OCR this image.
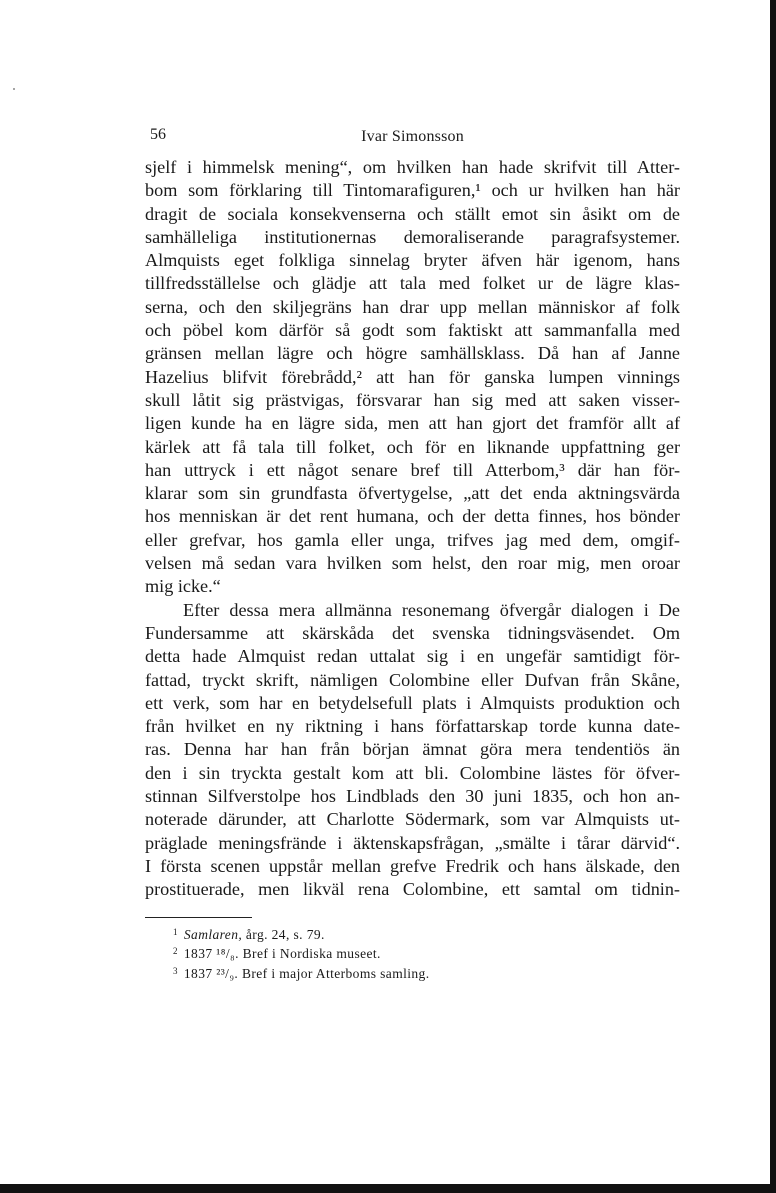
56	Ivar Simonsson
sjelf i himmelsk mening“, om hvilken han hade skrifvit till Atter-
bom som förklaring till Tintomarafiguren,¹ och ur hvilken han här
dragit de sociala konsekvenserna och ställt emot sin åsikt om de
samhälleliga institutionernas demoraliserande paragrafsystemer.
Almquists eget folkliga sinnelag bryter äfven här igenom, hans
tillfredsställelse och glädje att tala med folket ur de lägre klas-
serna, och den skiljegräns han drar upp mellan människor af folk
och pöbel kom därför så godt som faktiskt att sammanfalla med
gränsen mellan lägre och högre samhällsklass. Då han af Janne
Hazelius blifvit förebrådd,² att han för ganska lumpen vinnings
skull låtit sig prästvigas, försvarar han sig med att saken visser-
ligen kunde ha en lägre sida, men att han gjort det framför allt af
kärlek att få tala till folket, och för en liknande uppfattning ger
han uttryck i ett något senare bref till Atterbom,³ där han för-
klarar som sin grundfasta öfvertygelse, „att det enda aktningsvärda
hos menniskan är det rent humana, och der detta finnes, hos bönder
eller grefvar, hos gamla eller unga, trifves jag med dem, omgif-
velsen må sedan vara hvilken som helst, den roar mig, men oroar
mig icke.“
Efter dessa mera allmänna resonemang öfvergår dialogen i De
Fundersamme att skärskåda det svenska tidningsväsendet. Om
detta hade Almquist redan uttalat sig i en ungefär samtidigt för-
fattad, tryckt skrift, nämligen Colombine eller Dufvan från Skåne,
ett verk, som har en betydelsefull plats i Almquists produktion och
från hvilket en ny riktning i hans författarskap torde kunna date-
ras. Denna har han från början ämnat göra mera tendentiös än
den i sin tryckta gestalt kom att bli. Colombine lästes för öfver-
stinnan Silfverstolpe hos Lindblads den 30 juni 1835, och hon an-
noterade därunder, att Charlotte Södermark, som var Almquists ut-
präglade meningsfrände i äktenskapsfrågan, „smälte i tårar därvid“.
I första scenen uppstår mellan grefve Fredrik och hans älskade, den
prostituerade, men likväl rena Colombine, ett samtal om tidnin-
$^1$ Samlaren, årg. 24, s. 79.
$^2$ 1837 ¹⁸/₈. Bref i Nordiska museet.
$^3$ 1837 ²³/₉. Bref i major Atterboms samling.
